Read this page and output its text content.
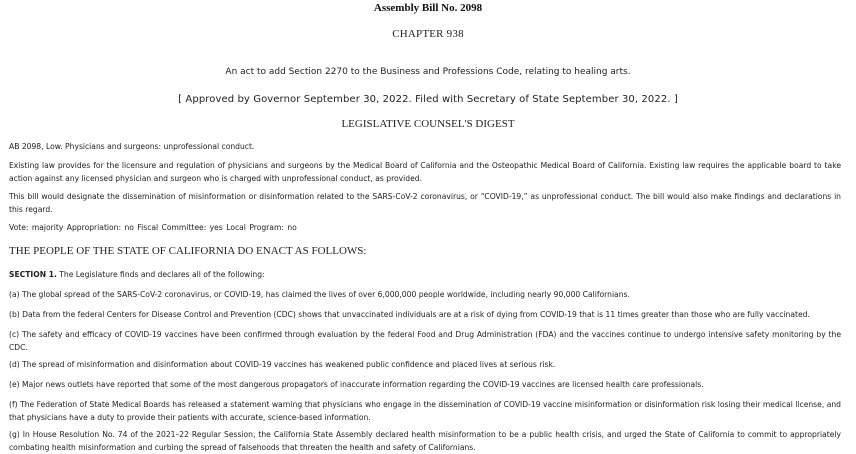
Assembly Bill No. 2098
CHAPTER 938
An act to add Section 2270 to the Business and Professions Code, relating to healing arts.
[ Approved by Governor September 30, 2022. Filed with Secretary of State September 30, 2022. ]
LEGISLATIVE COUNSEL'S DIGEST
AB 2098, Low. Physicians and surgeons: unprofessional conduct.
Existing law provides for the licensure and regulation of physicians and surgeons by the Medical Board of California and the Osteopathic Medical Board of California. Existing law requires the applicable board to take action against any licensed physician and surgeon who is charged with unprofessional conduct, as provided.
This bill would designate the dissemination of misinformation or disinformation related to the SARS-CoV-2 coronavirus, or “COVID-19,” as unprofessional conduct. The bill would also make findings and declarations in this regard.
Vote: majority Appropriation: no Fiscal Committee: yes Local Program: no
THE PEOPLE OF THE STATE OF CALIFORNIA DO ENACT AS FOLLOWS:
SECTION 1. The Legislature finds and declares all of the following:
(a) The global spread of the SARS-CoV-2 coronavirus, or COVID-19, has claimed the lives of over 6,000,000 people worldwide, including nearly 90,000 Californians.
(b) Data from the federal Centers for Disease Control and Prevention (CDC) shows that unvaccinated individuals are at a risk of dying from COVID-19 that is 11 times greater than those who are fully vaccinated.
(c) The safety and efficacy of COVID-19 vaccines have been confirmed through evaluation by the federal Food and Drug Administration (FDA) and the vaccines continue to undergo intensive safety monitoring by the CDC.
(d) The spread of misinformation and disinformation about COVID-19 vaccines has weakened public confidence and placed lives at serious risk.
(e) Major news outlets have reported that some of the most dangerous propagators of inaccurate information regarding the COVID-19 vaccines are licensed health care professionals.
(f) The Federation of State Medical Boards has released a statement warning that physicians who engage in the dissemination of COVID-19 vaccine misinformation or disinformation risk losing their medical license, and that physicians have a duty to provide their patients with accurate, science-based information.
(g) In House Resolution No. 74 of the 2021–22 Regular Session, the California State Assembly declared health misinformation to be a public health crisis, and urged the State of California to commit to appropriately combating health misinformation and curbing the spread of falsehoods that threaten the health and safety of Californians.
